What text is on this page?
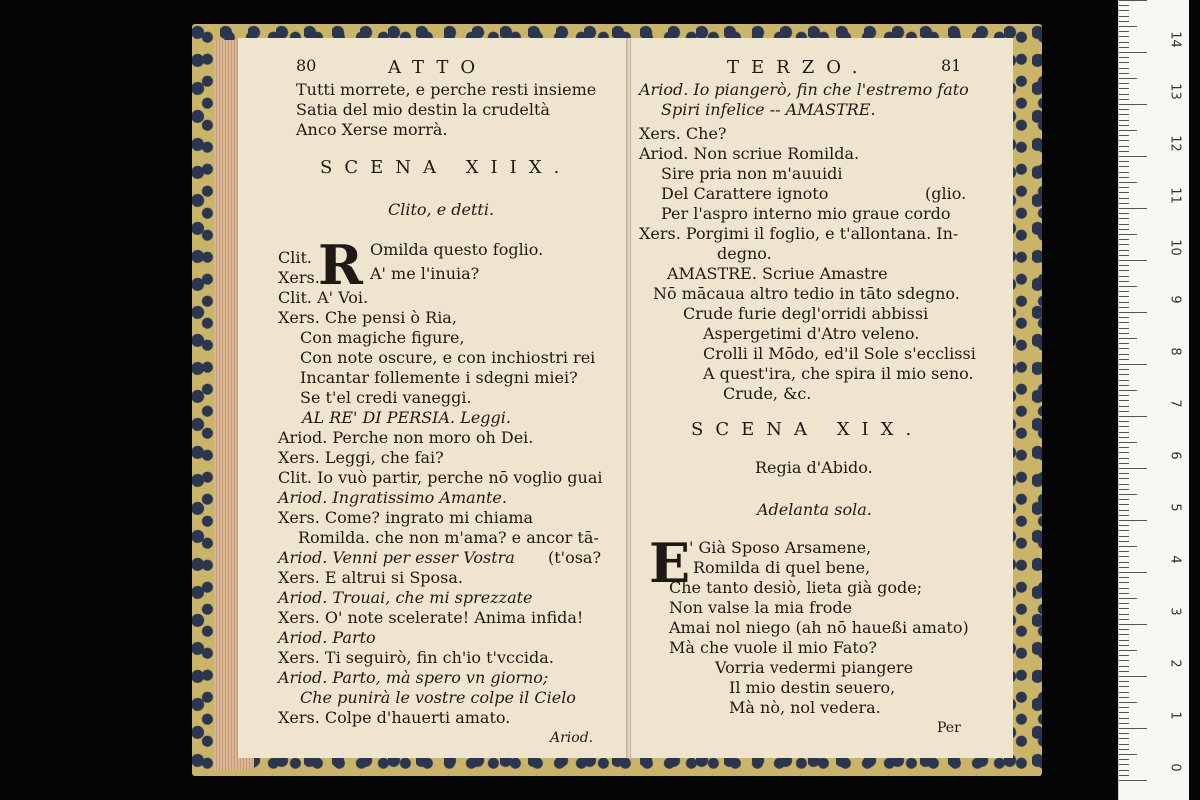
80	ATTO
Tutti morrete, e perche resti insieme
Satia del mio destin la crudeltà
Anco Xerse morrà.
SCENA XIIX.
Clito, e detti.
Clit. R Omilda questo foglio.
Xers.	A' me l'inuia?
Clit. A' Voi.
Xers. Che pensi ò Ria,
Con magiche figure,
Con note oscure, e con inchiostri rei
Incantar follemente i sdegni miei?
Se t'el credi vaneggi.
AL RE' DI PERSIA. Leggi.
Ariod. Perche non moro oh Dei.
Xers. Leggi, che fai?
Clit. Io vuò partir, perche nō voglio guai
Ariod. Ingratissimo Amante.
Xers. Come? ingrato mi chiama
Romilda. che non m'ama? e ancor tā-
Ariod. Venni per esser Vostra (t'osa?
Xers. E altrui si Sposa.
Ariod. Trouai, che mi sprezzate
Xers. O' note scelerate! Anima infida!
Ariod. Parto
Xers. Ti seguirò, fin ch'io t'vccida.
Ariod. Parto, mà spero vn giorno;
Che punirà le vostre colpe il Cielo
Xers. Colpe d'hauerti amato.
Ariod.
TERZO.	81
Ariod. Io piangerò, fin che l'estremo fato
Spiri infelice -- AMASTRE.
Xers. Che?
Ariod. Non scriue Romilda.
Sire pria non m'auuidi
Del Carattere ignoto	(glio.
Per l'aspro interno mio graue cordo
Xers. Porgimi il foglio, e t'allontana. In-
degno.
AMASTRE. Scriue Amastre
Nō mācaua altro tedio in tāto sdegno.
Crude furie degl'orridi abbissi
Aspergetimi d'Atro veleno.
Crolli il Mōdo, ed'il Sole s'ecclissi
A quest'ira, che spira il mio seno.
Crude, &c.
SCENA XIX.
Regia d'Abido.
Adelanta sola.
E
' Già Sposo Arsamene,
Romilda di quel bene,
Che tanto desiò, lieta già gode;
Non valse la mia frode
Amai nol niego (ah nō haueßi amato)
Mà che vuole il mio Fato?
Vorria vedermi piangere
Il mio destin seuero,
Mà nò, nol vedera.
Per
0
1
2
3
4
5
6
7
8
9
10
11
12
13
14
